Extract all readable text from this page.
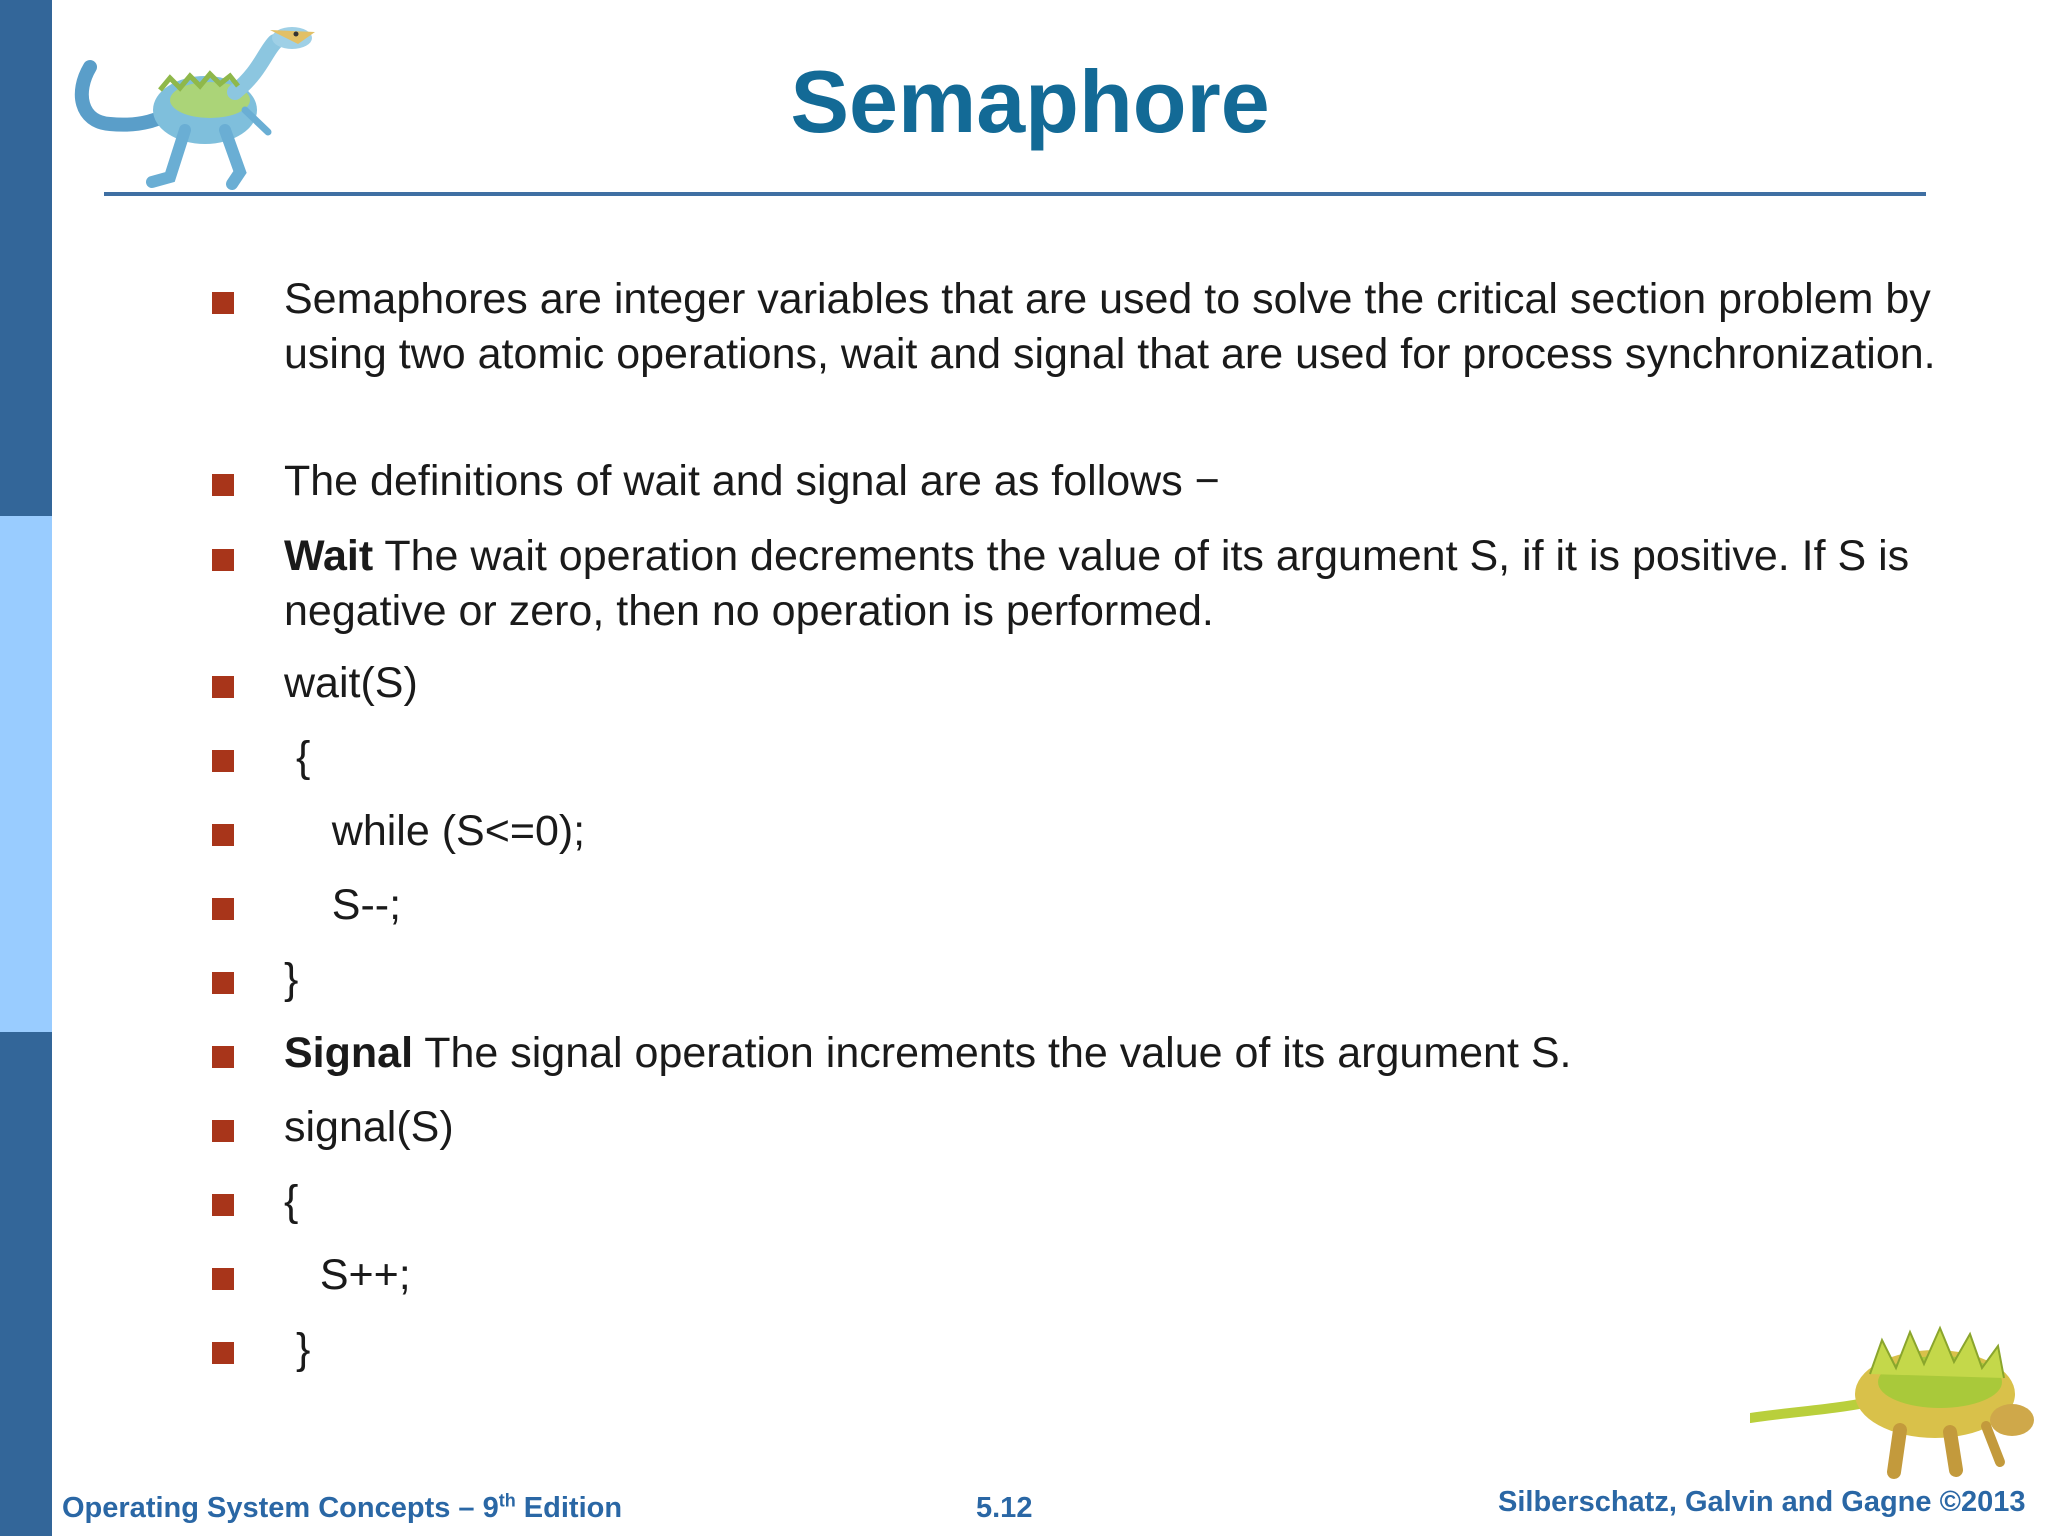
Semaphore
Semaphores are integer variables that are used to solve the critical section problem by using two atomic operations, wait and signal that are used for process synchronization.
The definitions of wait and signal are as follows −
Wait The wait operation decrements the value of its argument S, if it is positive. If S is negative or zero, then no operation is performed.
wait(S)
{
while (S<=0);
S--;
}
Signal The signal operation increments the value of its argument S.
signal(S)
{
S++;
}
Operating System Concepts – 9th Edition	5.12	Silberschatz, Galvin and Gagne ©2013
